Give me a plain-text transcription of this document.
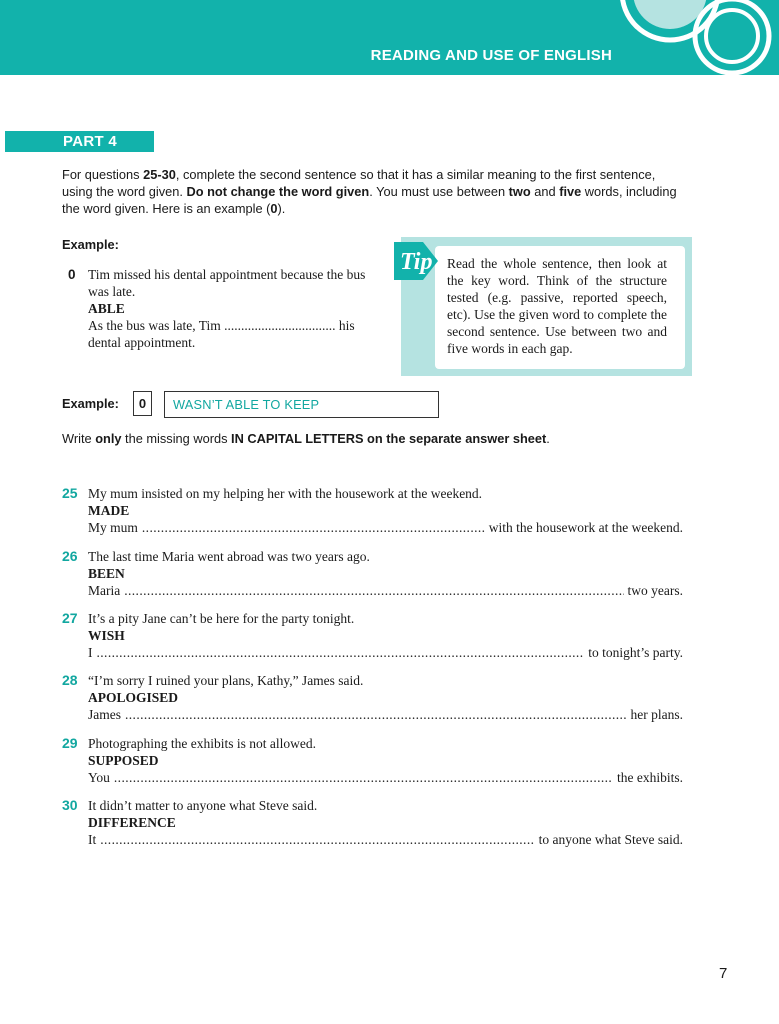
READING AND USE OF ENGLISH
PART 4
For questions 25-30, complete the second sentence so that it has a similar meaning to the first sentence, using the word given. Do not change the word given. You must use between two and five words, including the word given. Here is an example (0).
Example:
0 Tim missed his dental appointment because the bus was late.
ABLE
As the bus was late, Tim ................................. his dental appointment.
Read the whole sentence, then look at the key word. Think of the structure tested (e.g. passive, reported speech, etc). Use the given word to complete the second sentence. Use between two and five words in each gap.
Tip
Example:	0	WASN’T ABLE TO KEEP
Write only the missing words IN CAPITAL LETTERS on the separate answer sheet.
25 My mum insisted on my helping her with the housework at the weekend.
MADE
My mum .....	with the housework at the weekend.
26 The last time Maria went abroad was two years ago.
BEEN
Maria .....	two years.
27 It’s a pity Jane can’t be here for the party tonight.
WISH
I .....	to tonight’s party.
28 “I’m sorry I ruined your plans, Kathy,” James said.
APOLOGISED
James .....	her plans.
29 Photographing the exhibits is not allowed.
SUPPOSED
You .....	the exhibits.
30 It didn’t matter to anyone what Steve said.
DIFFERENCE
It .....	to anyone what Steve said.
7
